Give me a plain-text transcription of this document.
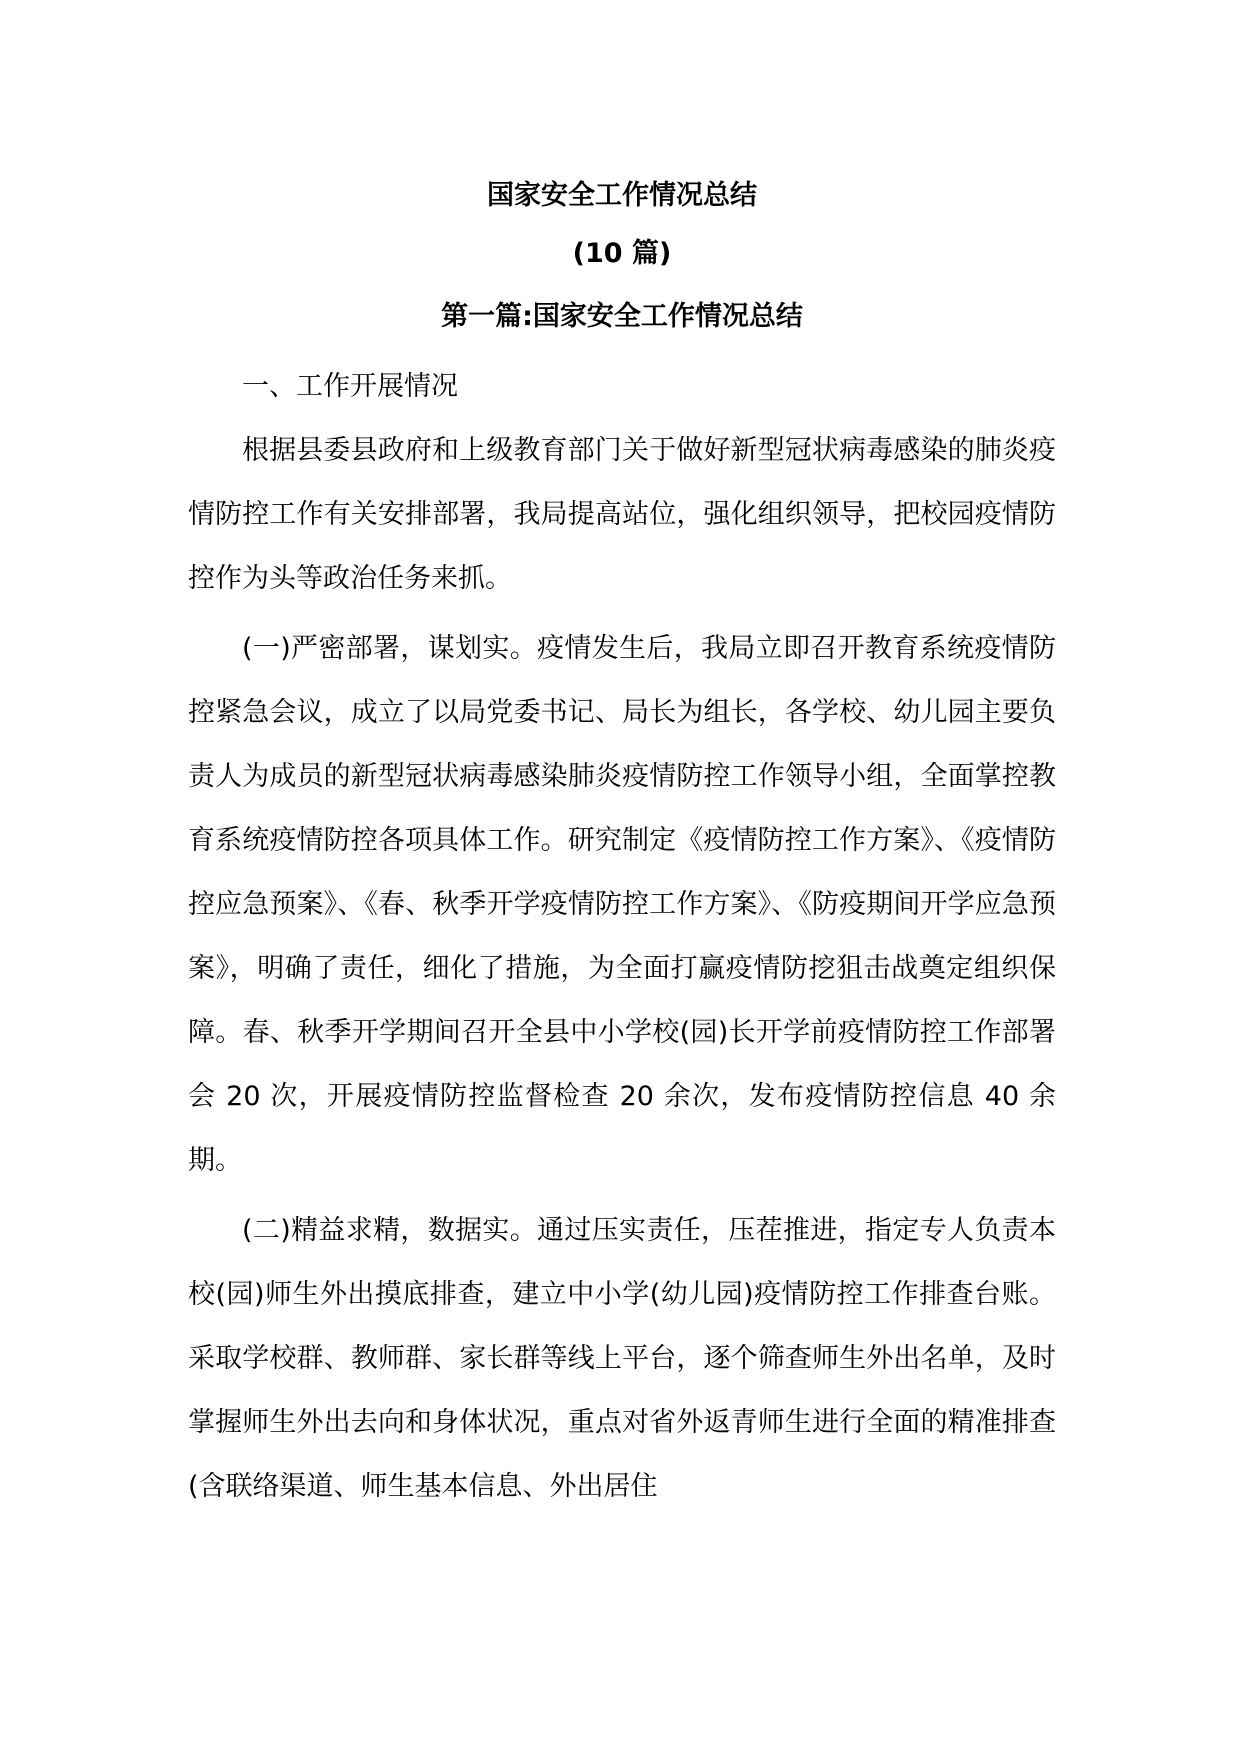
国家安全工作情况总结
(10 篇)
第一篇:国家安全工作情况总结

一、工作开展情况

根据县委县政府和上级教育部门关于做好新型冠状病毒感染的肺炎疫情防控工作有关安排部署，我局提高站位，强化组织领导，把校园疫情防控作为头等政治任务来抓。

(一)严密部署，谋划实。疫情发生后，我局立即召开教育系统疫情防控紧急会议，成立了以局党委书记、局长为组长，各学校、幼儿园主要负责人为成员的新型冠状病毒感染肺炎疫情防控工作领导小组，全面掌控教育系统疫情防控各项具体工作。研究制定《疫情防控工作方案》、《疫情防控应急预案》、《春、秋季开学疫情防控工作方案》、《防疫期间开学应急预案》，明确了责任，细化了措施，为全面打赢疫情防挖狙击战奠定组织保障。春、秋季开学期间召开全县中小学校(园)长开学前疫情防控工作部署会 20 次，开展疫情防控监督检查 20 余次，发布疫情防控信息 40 余期。

(二)精益求精，数据实。通过压实责任，压茬推进，指定专人负责本校(园)师生外出摸底排查，建立中小学(幼儿园)疫情防控工作排查台账。采取学校群、教师群、家长群等线上平台，逐个筛查师生外出名单，及时掌握师生外出去向和身体状况，重点对省外返青师生进行全面的精准排查(含联络渠道、师生基本信息、外出居住
